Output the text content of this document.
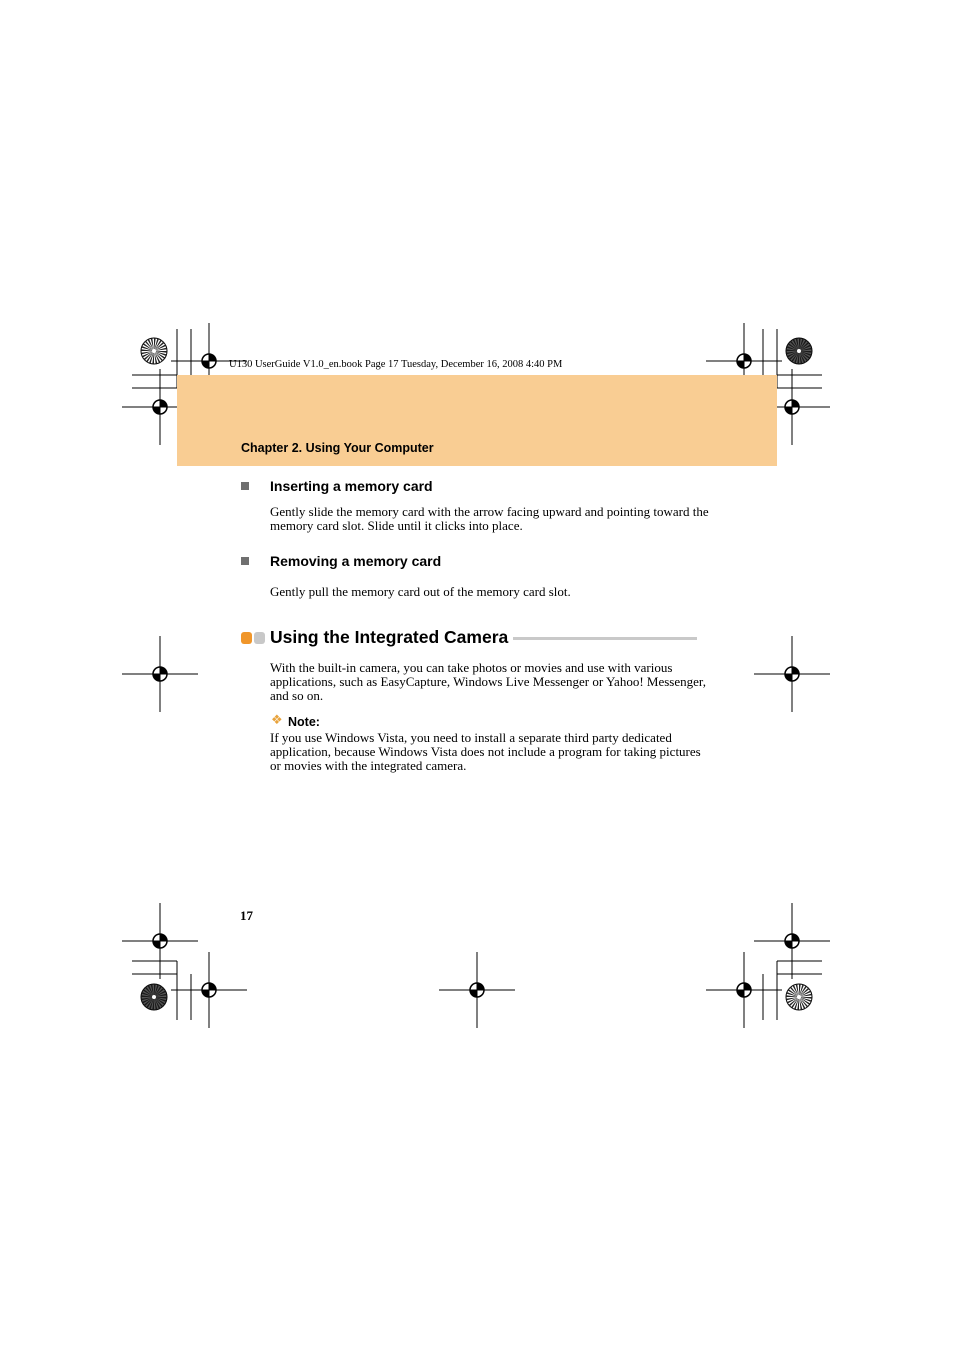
U130 UserGuide V1.0_en.book Page 17 Tuesday, December 16, 2008 4:40 PM
Chapter 2. Using Your Computer
Inserting a memory card
Gently slide the memory card with the arrow facing upward and pointing toward the memory card slot. Slide until it clicks into place.
Removing a memory card
Gently pull the memory card out of the memory card slot.
Using the Integrated Camera
With the built-in camera, you can take photos or movies and use with various applications, such as EasyCapture, Windows Live Messenger or Yahoo! Messenger, and so on.
❖ Note:
If you use Windows Vista, you need to install a separate third party dedicated application, because Windows Vista does not include a program for taking pictures or movies with the integrated camera.
17
